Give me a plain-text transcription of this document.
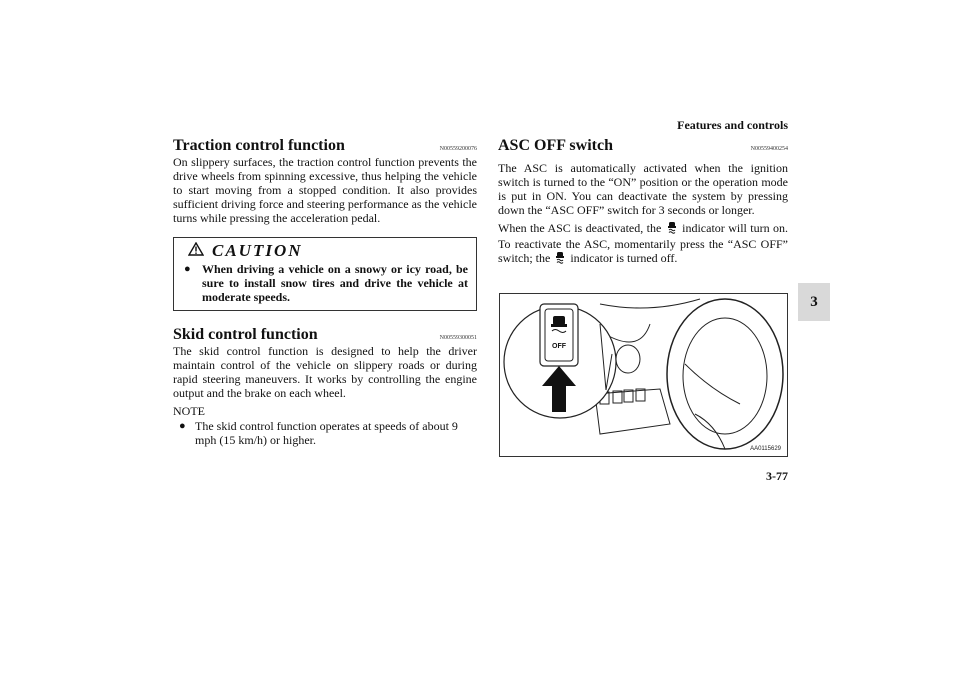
Features and controls
3
Traction control function	N00559200076

On slippery surfaces, the traction control function prevents the drive wheels from spinning excessive, thus helping the vehicle to start moving from a stopped condition. It also provides sufficient driving force and steering performance as the vehicle turns while pressing the acceleration pedal.

CAUTION
● When driving a vehicle on a snowy or icy road, be sure to install snow tires and drive the vehicle at moderate speeds.
Skid control function	N00559300051

The skid control function is designed to help the driver maintain control of the vehicle on slippery roads or during rapid steering maneuvers. It works by controlling the engine output and the brake on each wheel.

NOTE
● The skid control function operates at speeds of about 9 mph (15 km/h) or higher.
ASC OFF switch	N00559400254

The ASC is automatically activated when the ignition switch is turned to the “ON” position or the operation mode is put in ON. You can deactivate the system by pressing down the “ASC OFF” switch for 3 seconds or longer.

When the ASC is deactivated, the indicator will turn on. To reactivate the ASC, momentarily press the “ASC OFF” switch; the indicator is turned off.

OFF
AA0115629
3-77
